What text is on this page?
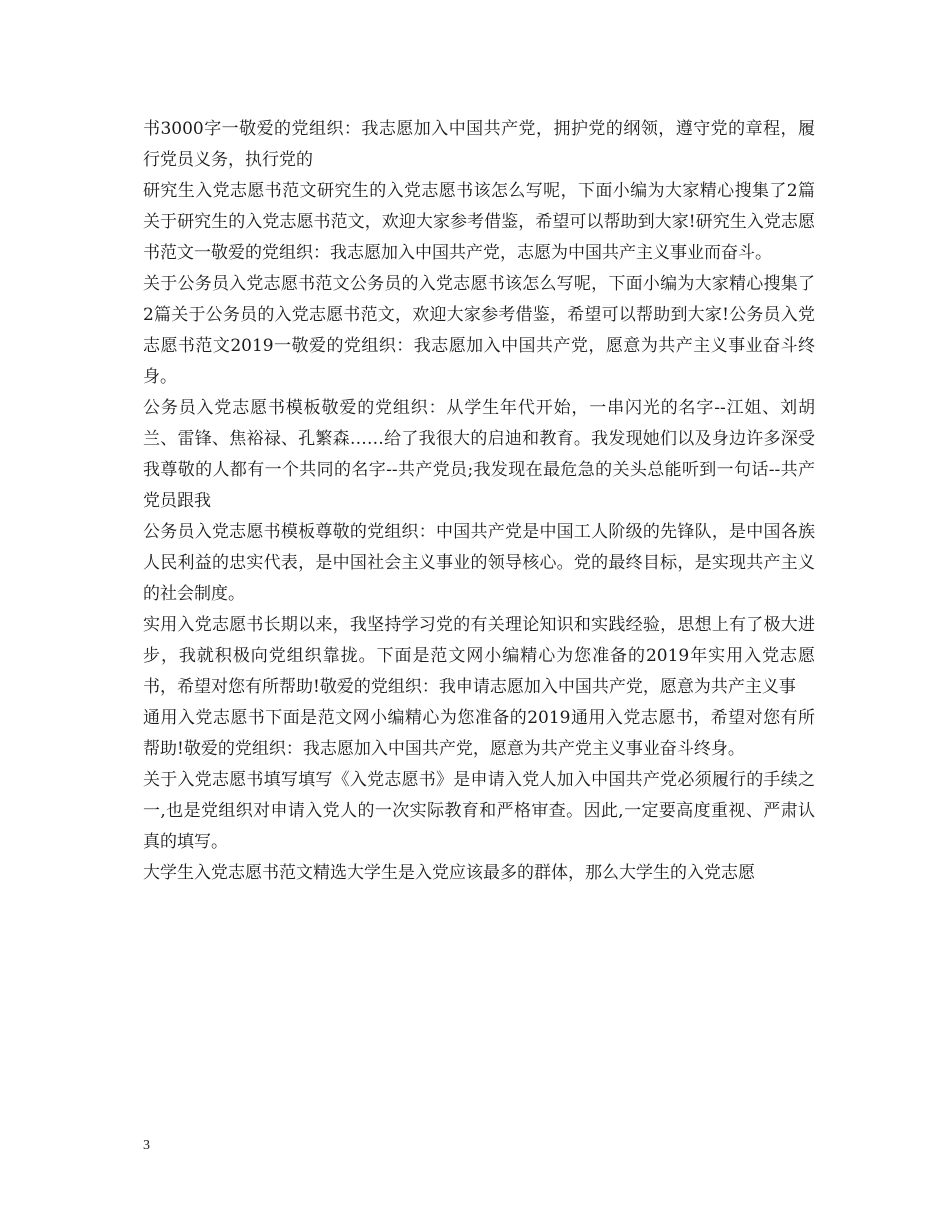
书3000字一敬爱的党组织：我志愿加入中国共产党，拥护党的纲领，遵守党的章程，履行党员义务，执行党的

研究生入党志愿书范文研究生的入党志愿书该怎么写呢，下面小编为大家精心搜集了2篇关于研究生的入党志愿书范文，欢迎大家参考借鉴，希望可以帮助到大家!研究生入党志愿书范文一敬爱的党组织：我志愿加入中国共产党，志愿为中国共产主义事业而奋斗。

关于公务员入党志愿书范文公务员的入党志愿书该怎么写呢，下面小编为大家精心搜集了2篇关于公务员的入党志愿书范文，欢迎大家参考借鉴，希望可以帮助到大家!公务员入党志愿书范文2019一敬爱的党组织：我志愿加入中国共产党，愿意为共产主义事业奋斗终身。

公务员入党志愿书模板敬爱的党组织：从学生年代开始，一串闪光的名字--江姐、刘胡兰、雷锋、焦裕禄、孔繁森……给了我很大的启迪和教育。我发现她们以及身边许多深受我尊敬的人都有一个共同的名字--共产党员;我发现在最危急的关头总能听到一句话--共产党员跟我

公务员入党志愿书模板尊敬的党组织：中国共产党是中国工人阶级的先锋队，是中国各族人民利益的忠实代表，是中国社会主义事业的领导核心。党的最终目标，是实现共产主义的社会制度。

实用入党志愿书长期以来，我坚持学习党的有关理论知识和实践经验，思想上有了极大进步，我就积极向党组织靠拢。下面是范文网小编精心为您准备的2019年实用入党志愿书，希望对您有所帮助!敬爱的党组织：我申请志愿加入中国共产党，愿意为共产主义事

通用入党志愿书下面是范文网小编精心为您准备的2019通用入党志愿书，希望对您有所帮助!敬爱的党组织：我志愿加入中国共产党，愿意为共产党主义事业奋斗终身。

关于入党志愿书填写填写《入党志愿书》是申请入党人加入中国共产党必须履行的手续之一,也是党组织对申请入党人的一次实际教育和严格审查。因此,一定要高度重视、严肃认真的填写。

大学生入党志愿书范文精选大学生是入党应该最多的群体，那么大学生的入党志愿

3
